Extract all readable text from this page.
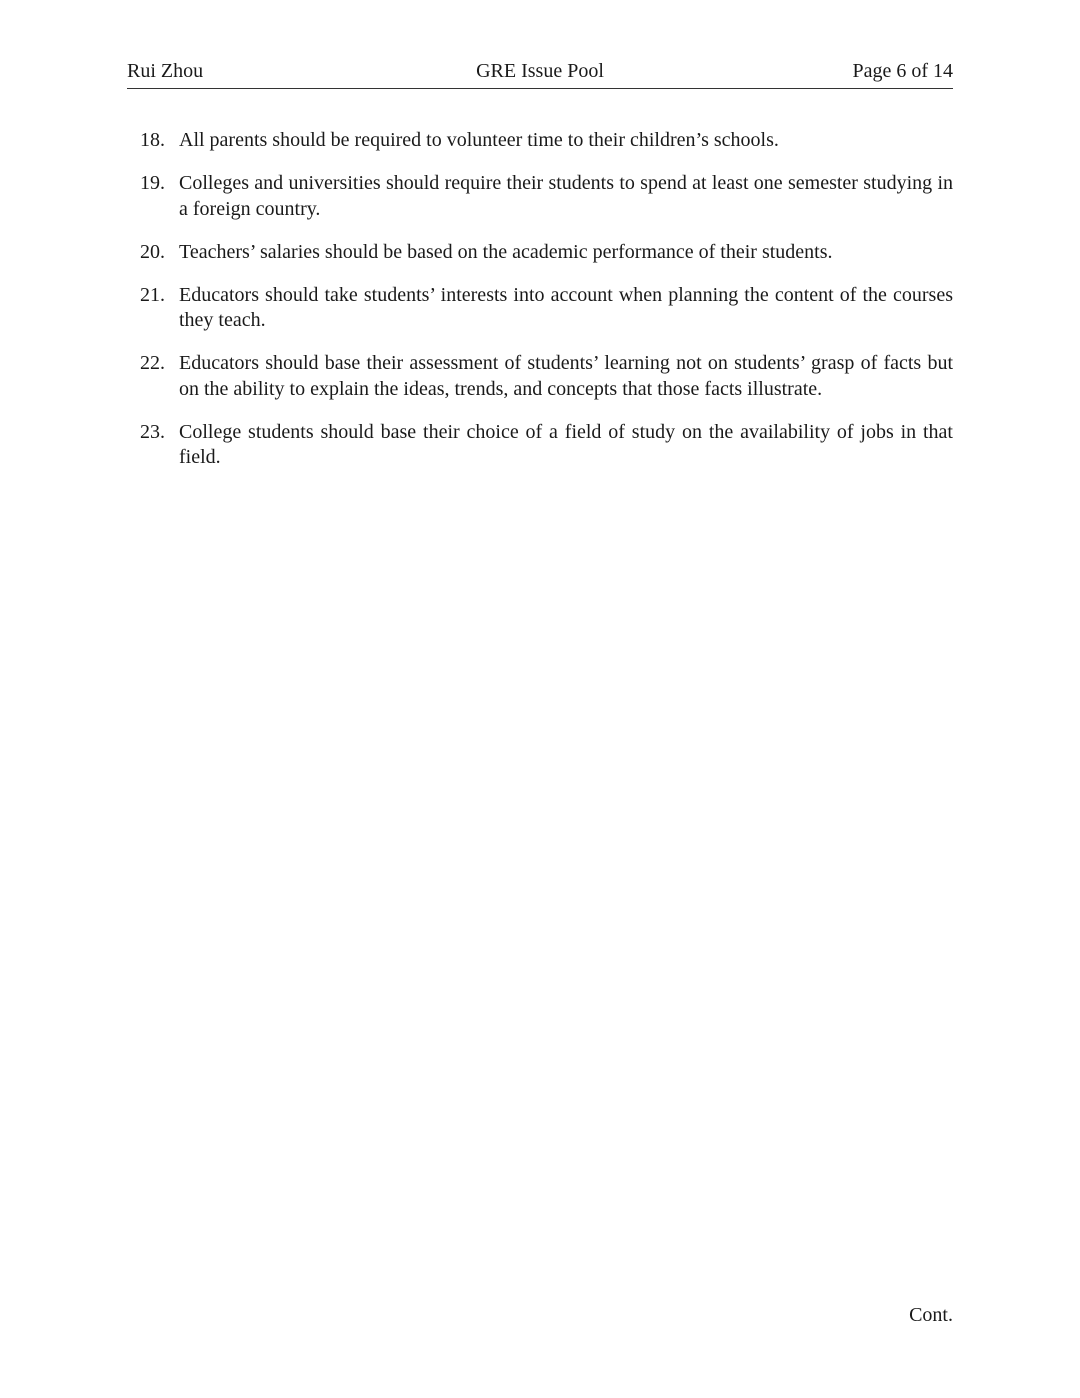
Rui Zhou	GRE Issue Pool	Page 6 of 14
18. All parents should be required to volunteer time to their children’s schools.
19. Colleges and universities should require their students to spend at least one semester studying in a foreign country.
20. Teachers’ salaries should be based on the academic performance of their students.
21. Educators should take students’ interests into account when planning the content of the courses they teach.
22. Educators should base their assessment of students’ learning not on students’ grasp of facts but on the ability to explain the ideas, trends, and concepts that those facts illustrate.
23. College students should base their choice of a field of study on the availability of jobs in that field.
Cont.
